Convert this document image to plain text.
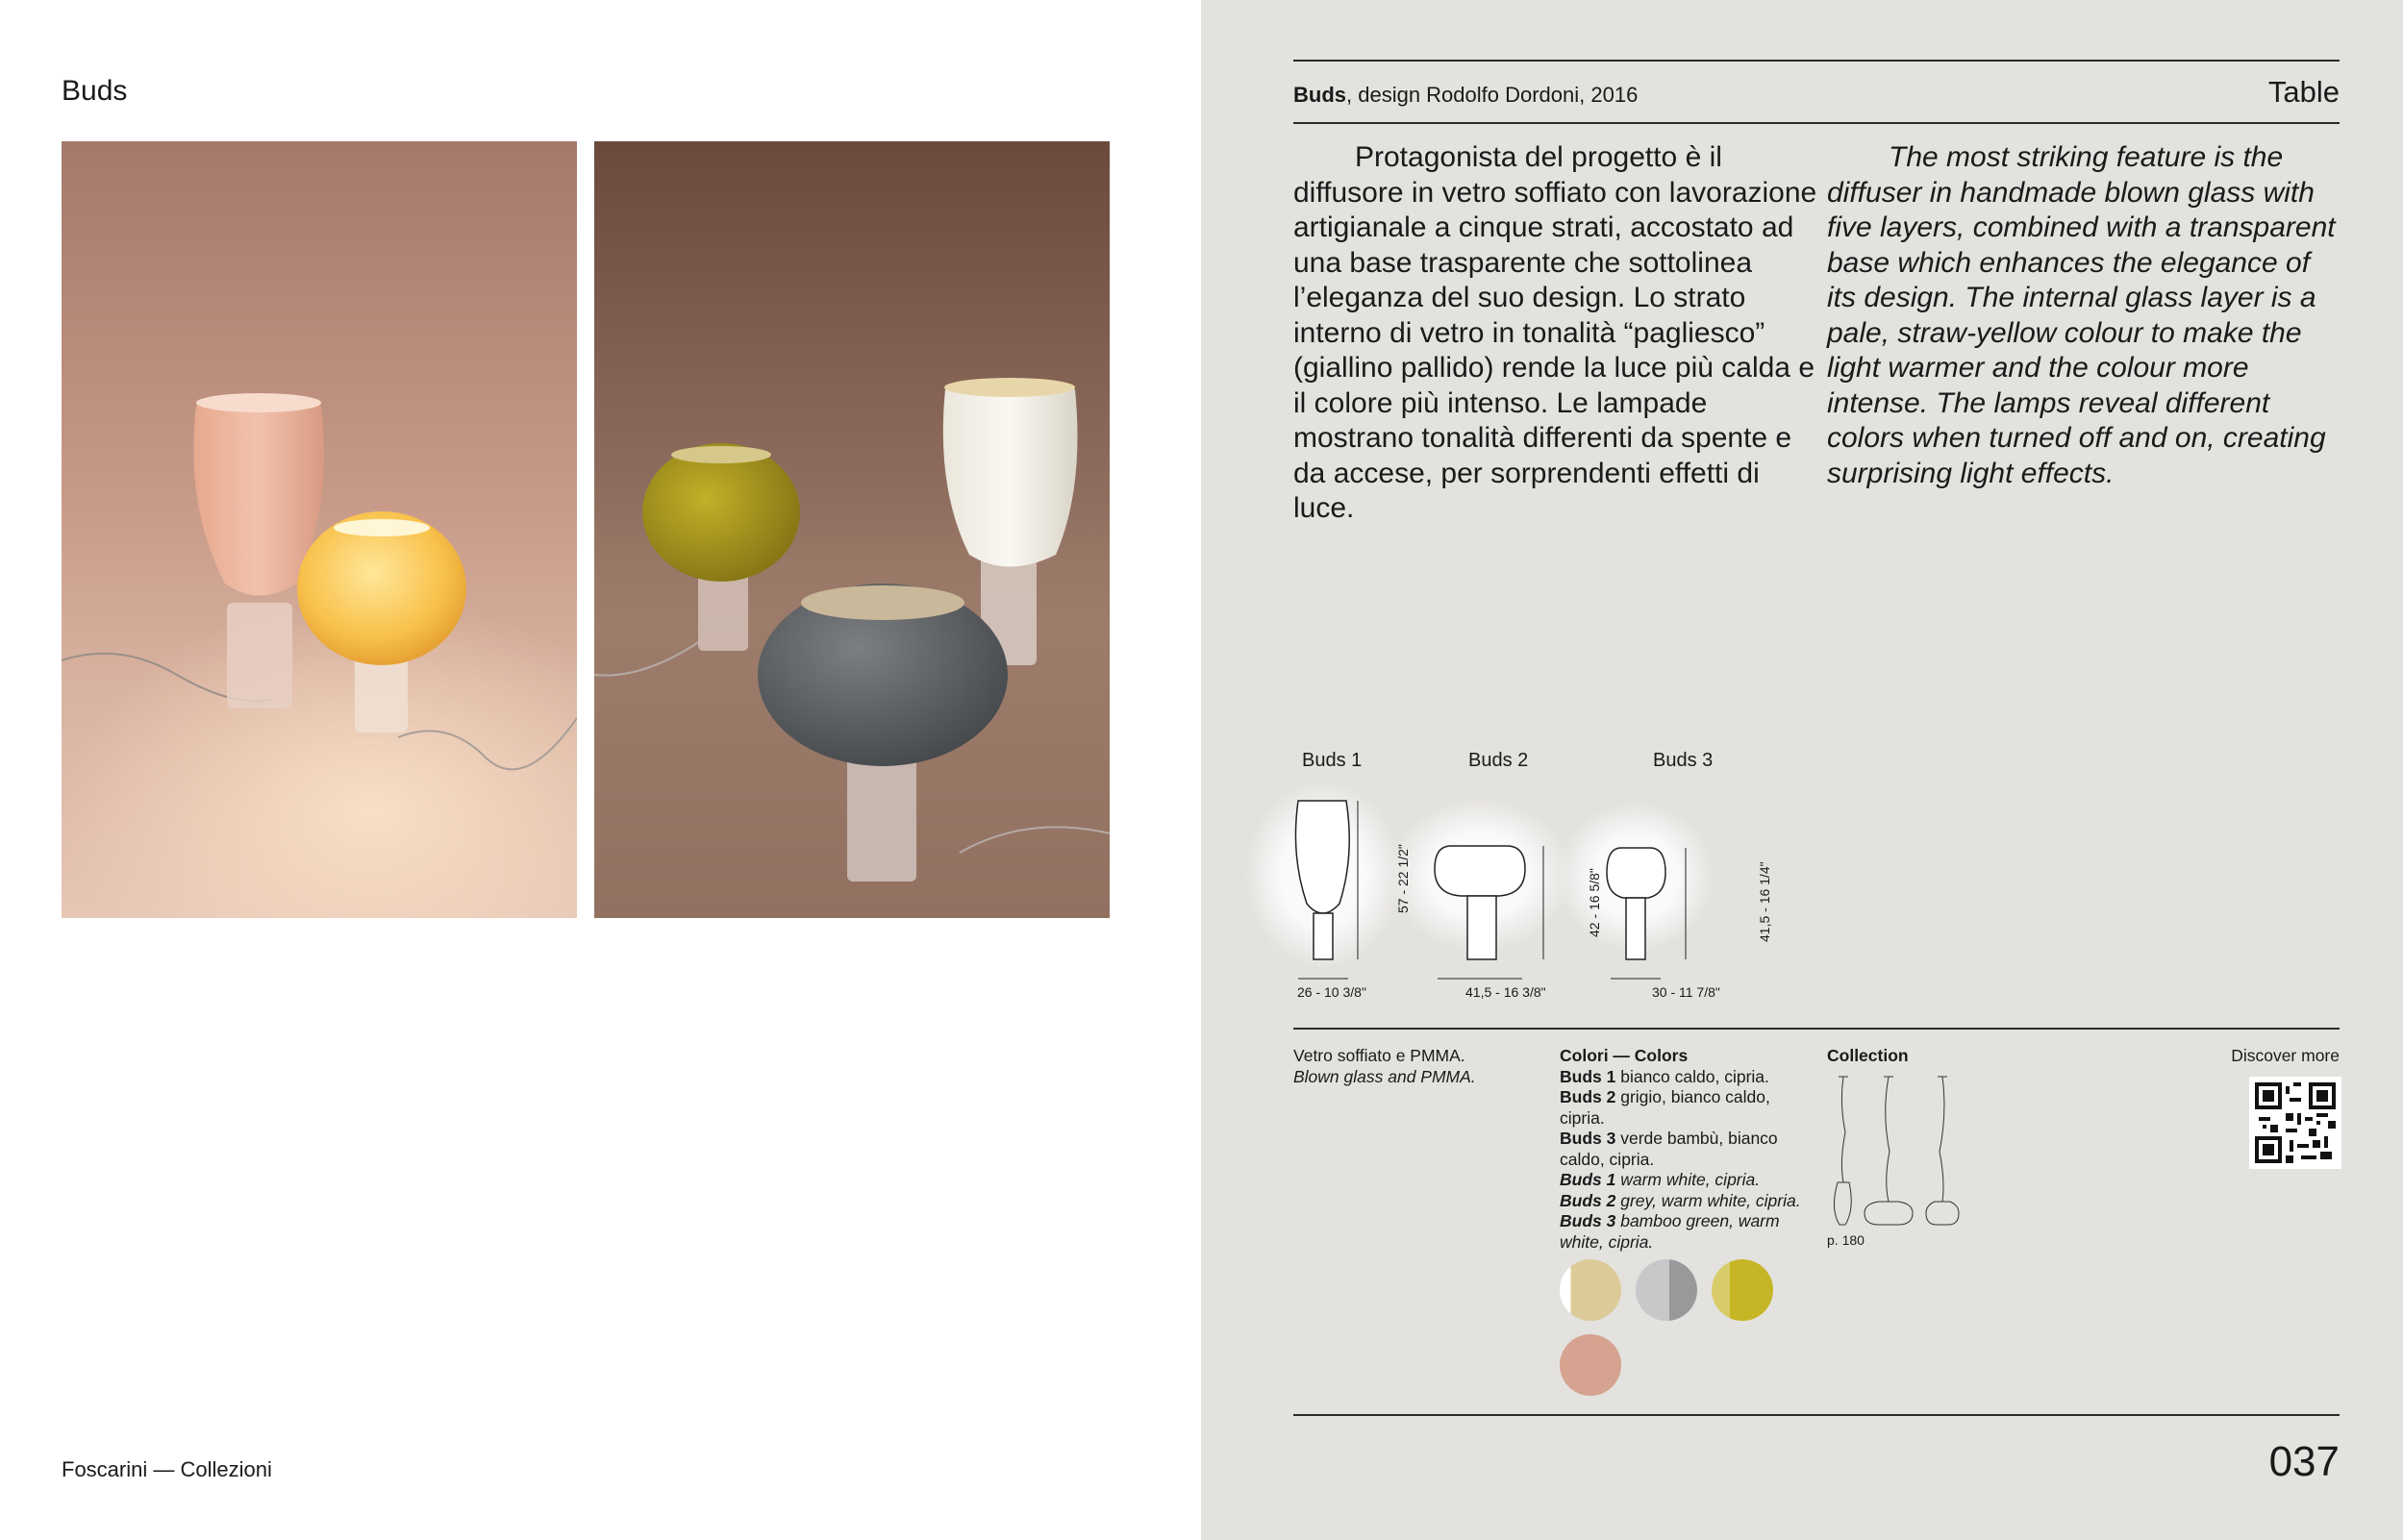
Buds
Foscarini — Collezioni
Buds, design Rodolfo Dordoni, 2016	Table
Protagonista del progetto è il diffusore in vetro soffiato con lavorazione artigianale a cinque strati, accostato ad una base trasparente che sottolinea l’eleganza del suo design. Lo strato interno di vetro in tonalità “pagliesco” (giallino pallido) rende la luce più calda e il colore più intenso. Le lampade mostrano tonalità differenti da spente e da accese, per sorprendenti effetti di luce.
The most striking feature is the diffuser in handmade blown glass with five layers, combined with a transparent base which enhances the elegance of its design. The internal glass layer is a pale, straw-yellow colour to make the light warmer and the colour more intense. The lamps reveal different colors when turned off and on, creating surprising light effects.
Buds 1	Buds 2	Buds 3
57 - 22 1/2"	42 - 16 5/8"	41,5 - 16 1/4"
26 - 10 3/8"	41,5 - 16 3/8"	30 - 11 7/8"
Vetro soffiato e PMMA.
Blown glass and PMMA.
Colori — Colors
Buds 1 bianco caldo, cipria.
Buds 2 grigio, bianco caldo, cipria.
Buds 3 verde bambù, bianco caldo, cipria.
Buds 1 warm white, cipria.
Buds 2 grey, warm white, cipria.
Buds 3 bamboo green, warm white, cipria.
Collection
p. 180
Discover more
037
